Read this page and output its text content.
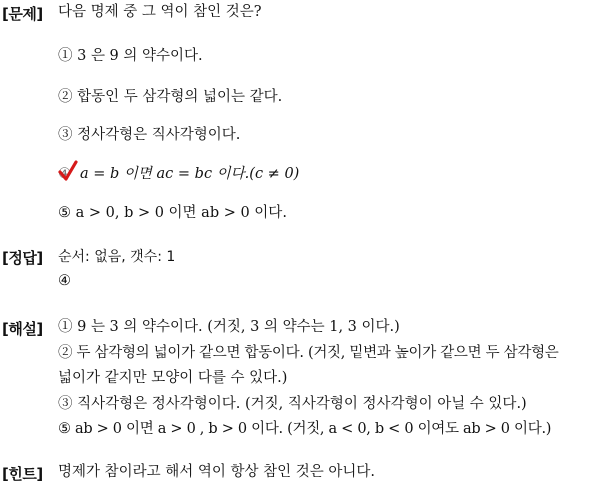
[문제] 다음 명제 중 그 역이 참인 것은?
① 3 은 9 의 약수이다.
② 합동인 두 삼각형의 넓이는 같다.
③ 정사각형은 직사각형이다.
④ a = b 이면 ac = bc 이다.(c ≠ 0)
⑤ a > 0, b > 0 이면 ab > 0 이다.
[정답] 순서: 없음, 갯수: 1
④
[해설] ① 9 는 3 의 약수이다. (거짓, 3 의 약수는 1, 3 이다.)
② 두 삼각형의 넓이가 같으면 합동이다. (거짓, 밑변과 높이가 같으면 두 삼각형은
넓이가 같지만 모양이 다를 수 있다.)
③ 직사각형은 정사각형이다. (거짓, 직사각형이 정사각형이 아닐 수 있다.)
⑤ ab > 0 이면 a > 0 , b > 0 이다. (거짓, a < 0, b < 0 이여도 ab > 0 이다.)
[힌트] 명제가 참이라고 해서 역이 항상 참인 것은 아니다.
